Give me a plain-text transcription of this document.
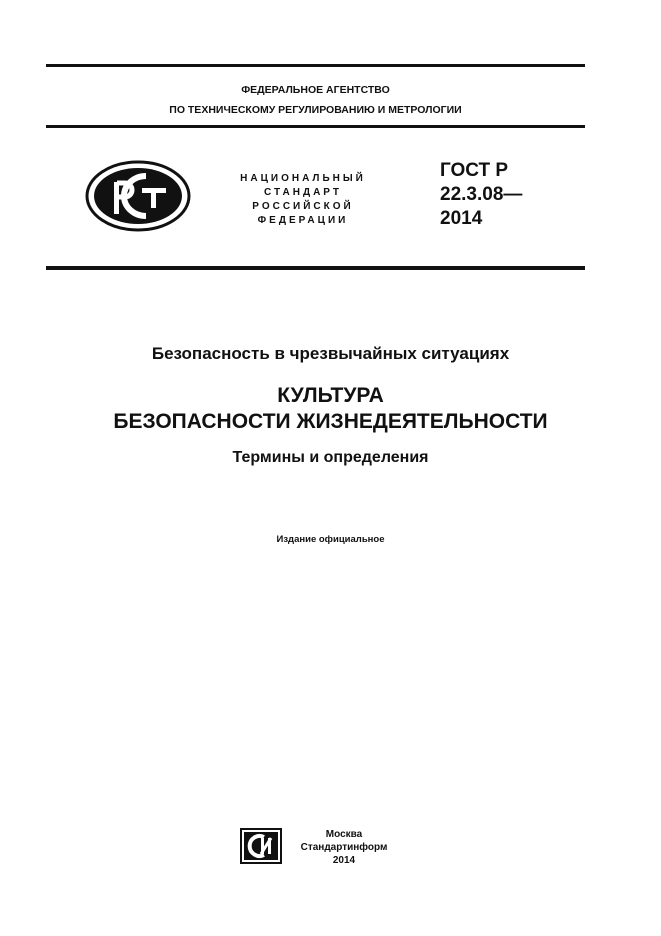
ФЕДЕРАЛЬНОЕ АГЕНТСТВО
ПО ТЕХНИЧЕСКОМУ РЕГУЛИРОВАНИЮ И МЕТРОЛОГИИ
НАЦИОНАЛЬНЫЙ
СТАНДАРТ
РОССИЙСКОЙ
ФЕДЕРАЦИИ
ГОСТ Р
22.3.08—
2014
Безопасность в чрезвычайных ситуациях
КУЛЬТУРА
БЕЗОПАСНОСТИ ЖИЗНЕДЕЯТЕЛЬНОСТИ
Термины и определения
Издание официальное
Москва
Стандартинформ
2014
